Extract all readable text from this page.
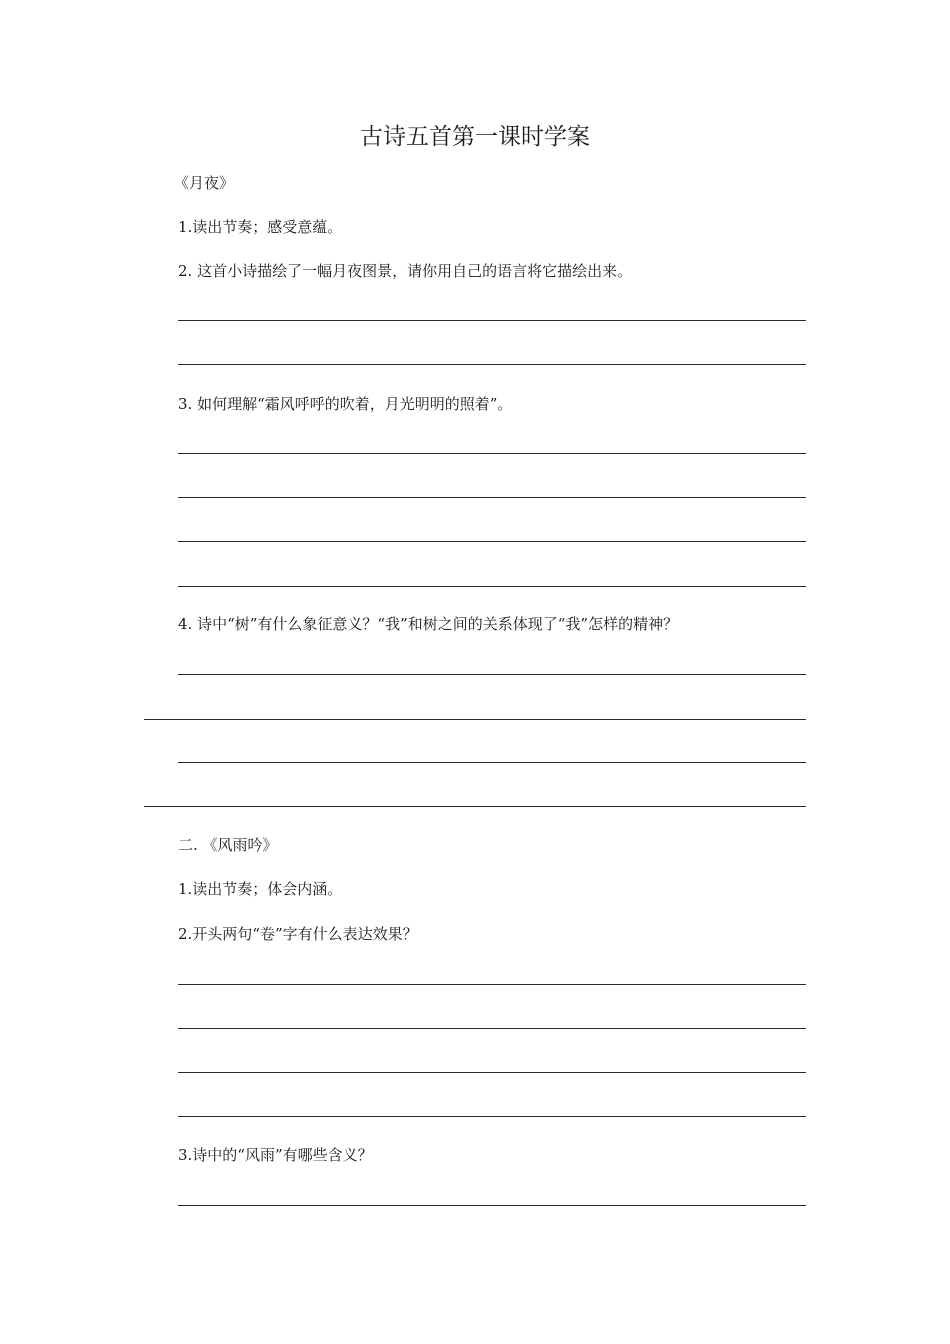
古诗五首第一课时学案
《月夜》
1.读出节奏；感受意蕴。
2. 这首小诗描绘了一幅月夜图景，请你用自己的语言将它描绘出来。
3. 如何理解“霜风呼呼的吹着，月光明明的照着”。
4. 诗中“树”有什么象征意义？“我”和树之间的关系体现了“我”怎样的精神？
二. 《风雨吟》
1.读出节奏；体会内涵。
2.开头两句“卷”字有什么表达效果？
3.诗中的“风雨”有哪些含义？
